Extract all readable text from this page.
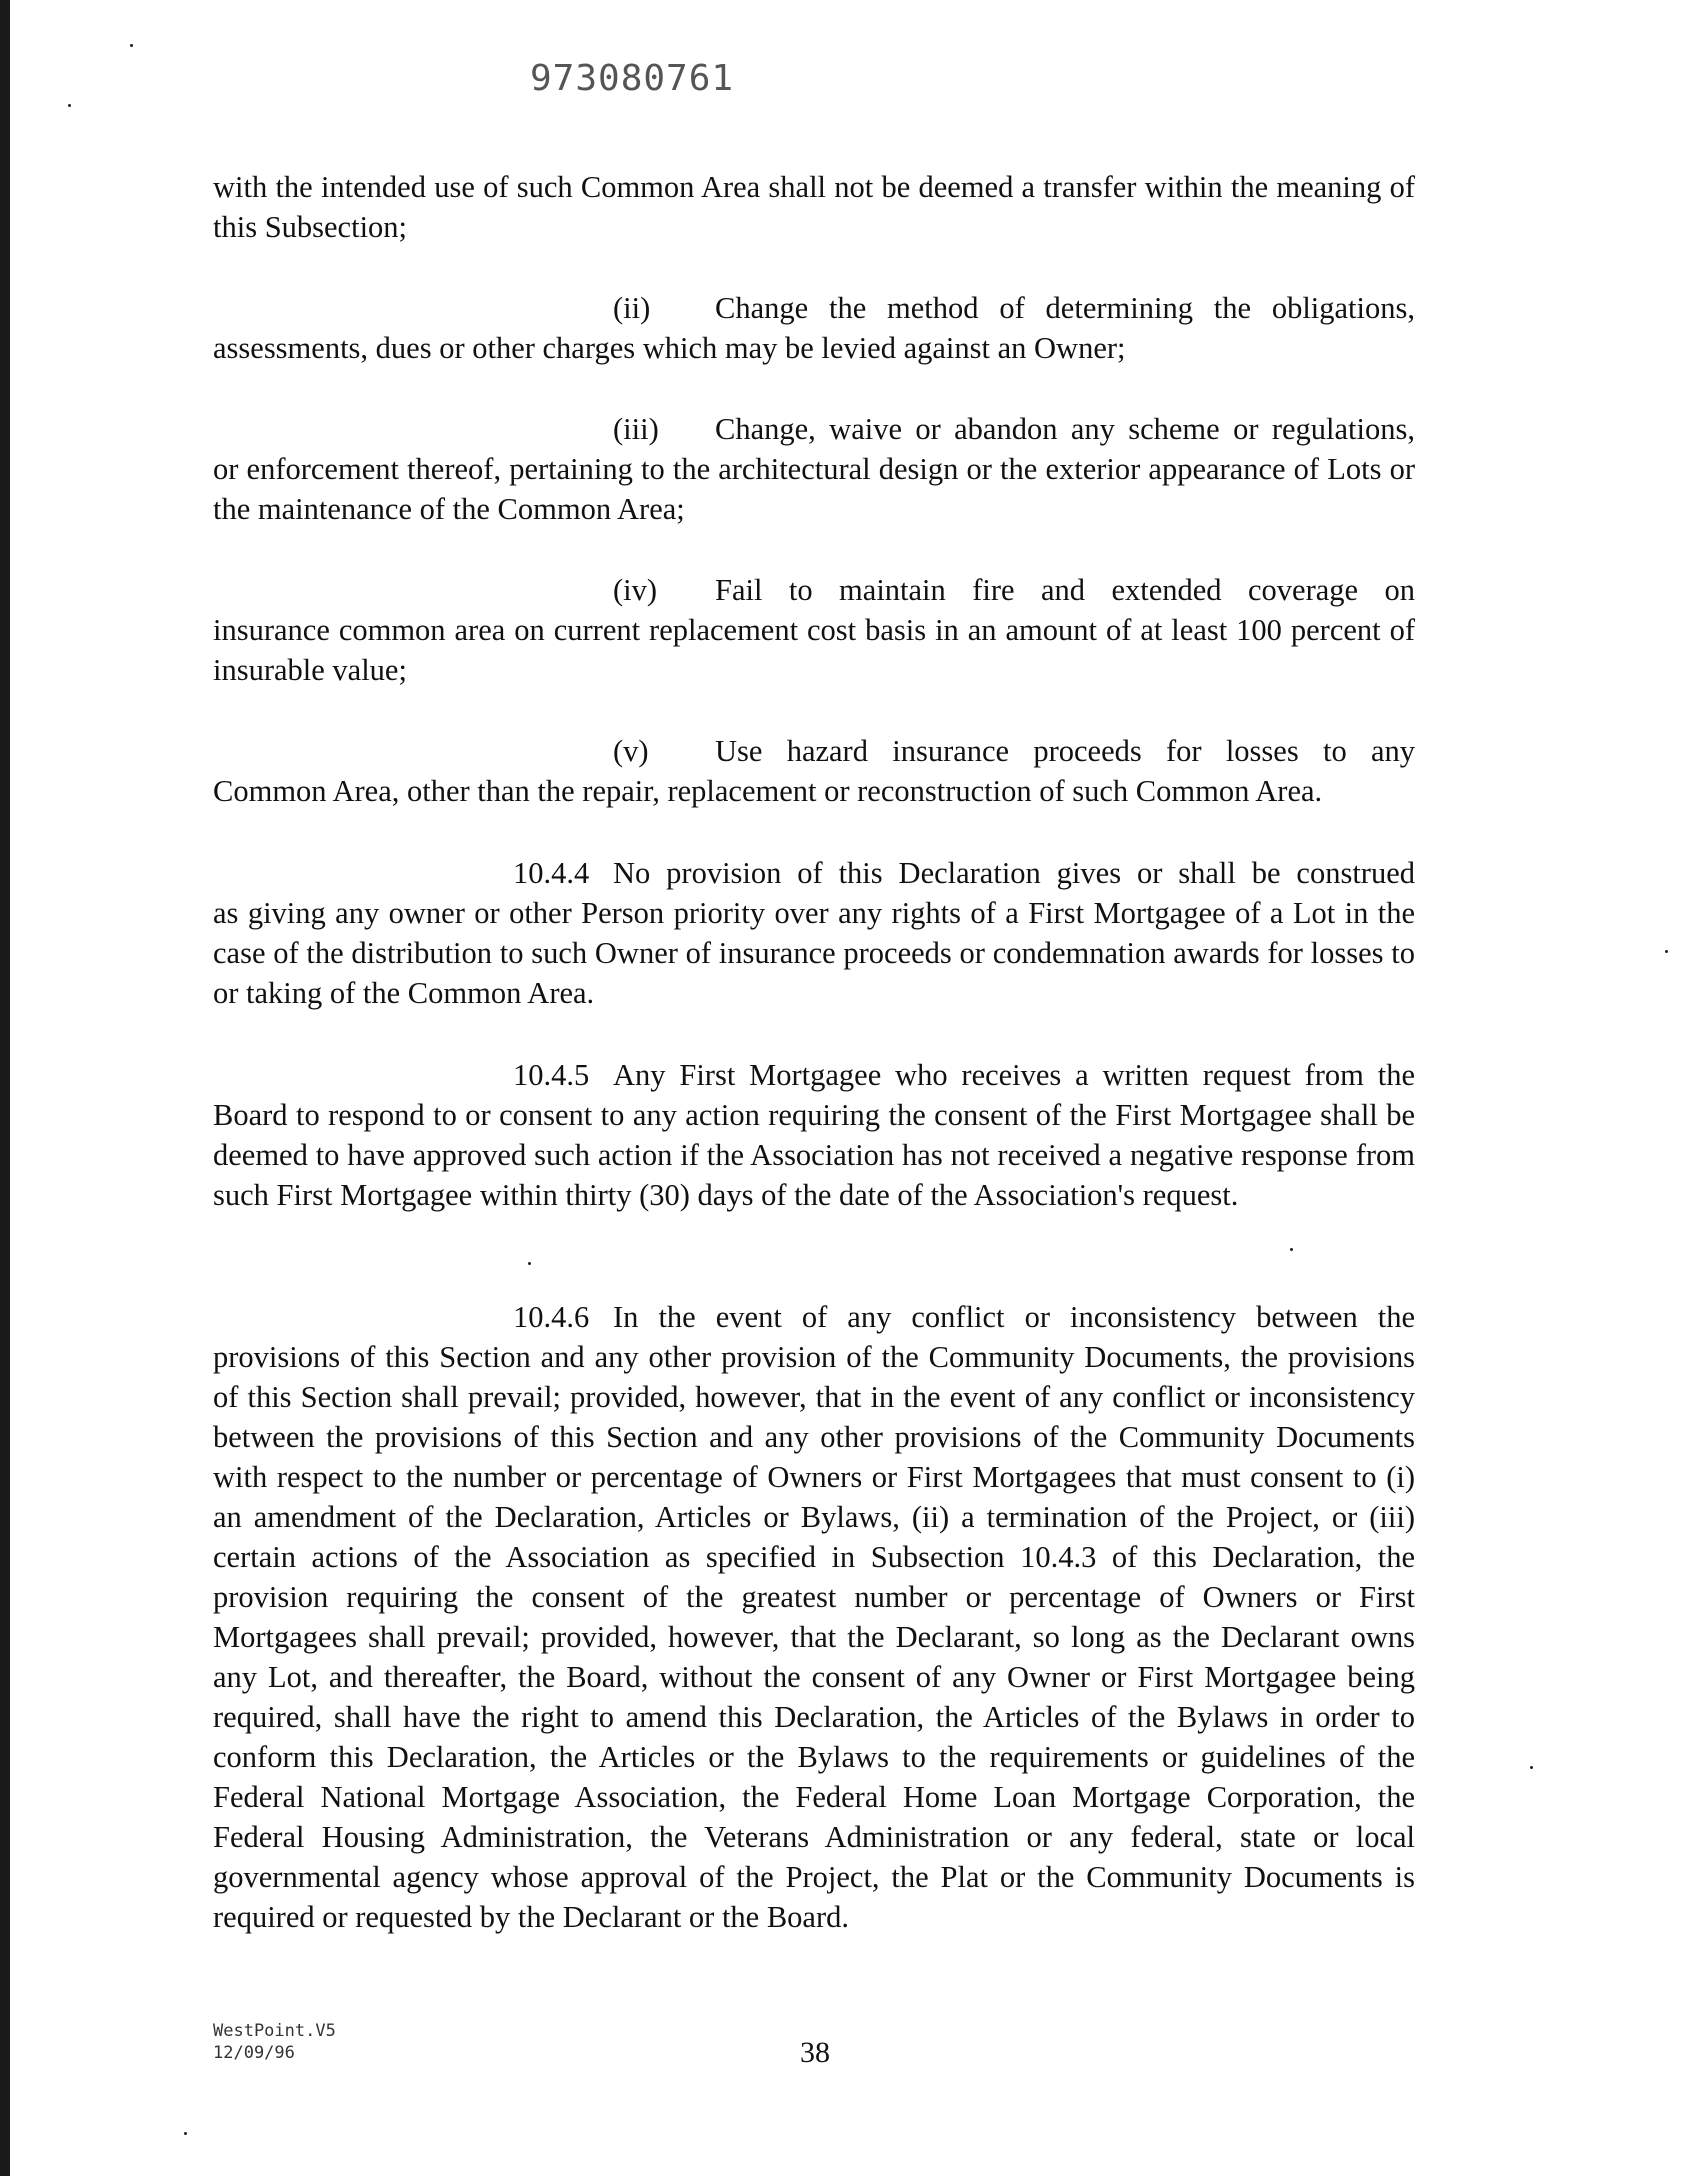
973080761

with the intended use of such Common Area shall not be deemed a transfer within the meaning of this Subsection;

(ii)	Change the method of determining the obligations,

assessments, dues or other charges which may be levied against an Owner;

(iii)	Change, waive or abandon any scheme or regulations,

or enforcement thereof, pertaining to the architectural design or the exterior appearance of Lots or the maintenance of the Common Area;

(iv)	Fail to maintain fire and extended coverage on

insurance common area on current replacement cost basis in an amount of at least 100 percent of insurable value;

(v)	Use hazard insurance proceeds for losses to any

Common Area, other than the repair, replacement or reconstruction of such Common Area.

10.4.4 No provision of this Declaration gives or shall be construed

as giving any owner or other Person priority over any rights of a First Mortgagee of a Lot in the case of the distribution to such Owner of insurance proceeds or condemnation awards for losses to or taking of the Common Area.

10.4.5 Any First Mortgagee who receives a written request from the

Board to respond to or consent to any action requiring the consent of the First Mortgagee shall be deemed to have approved such action if the Association has not received a negative response from such First Mortgagee within thirty (30) days of the date of the Association's request.

10.4.6 In the event of any conflict or inconsistency between the

provisions of this Section and any other provision of the Community Documents, the provisions of this Section shall prevail; provided, however, that in the event of any conflict or inconsistency between the provisions of this Section and any other provisions of the Community Documents with respect to the number or percentage of Owners or First Mortgagees that must consent to (i) an amendment of the Declaration, Articles or Bylaws, (ii) a termination of the Project, or (iii) certain actions of the Association as specified in Subsection 10.4.3 of this Declaration, the provision requiring the consent of the greatest number or percentage of Owners or First Mortgagees shall prevail; provided, however, that the Declarant, so long as the Declarant owns any Lot, and thereafter, the Board, without the consent of any Owner or First Mortgagee being required, shall have the right to amend this Declaration, the Articles of the Bylaws in order to conform this Declaration, the Articles or the Bylaws to the requirements or guidelines of the Federal National Mortgage Association, the Federal Home Loan Mortgage Corporation, the Federal Housing Administration, the Veterans Administration or any federal, state or local governmental agency whose approval of the Project, the Plat or the Community Documents is required or requested by the Declarant or the Board.

WestPoint.V5
12/09/96	38
